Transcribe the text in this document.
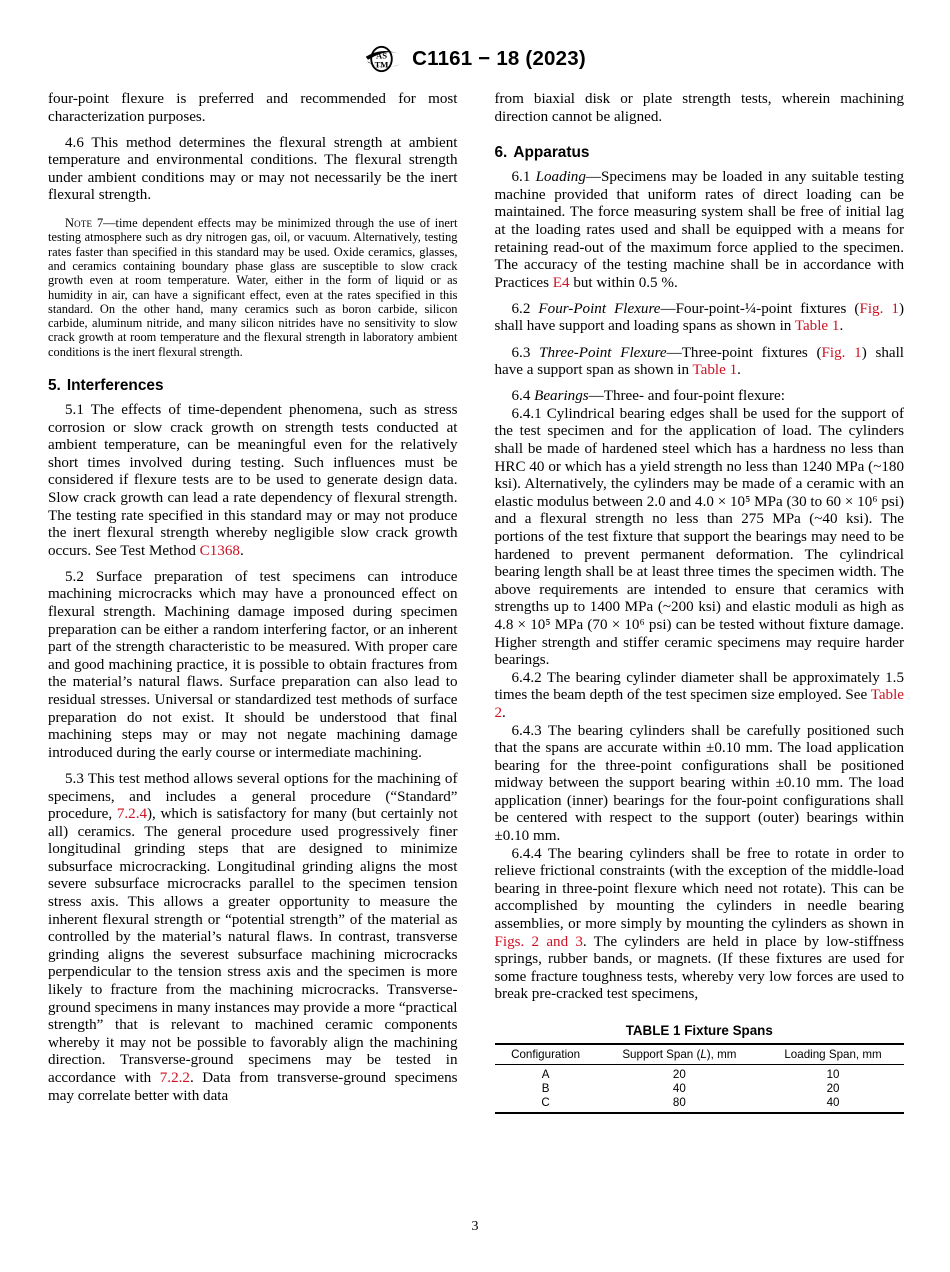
AS
TM C1161 − 18 (2023)

four-point flexure is preferred and recommended for most characterization purposes.

4.6 This method determines the flexural strength at ambient temperature and environmental conditions. The flexural strength under ambient conditions may or may not necessarily be the inert flexural strength.

Note 7—time dependent effects may be minimized through the use of inert testing atmosphere such as dry nitrogen gas, oil, or vacuum. Alternatively, testing rates faster than specified in this standard may be used. Oxide ceramics, glasses, and ceramics containing boundary phase glass are susceptible to slow crack growth even at room temperature. Water, either in the form of liquid or as humidity in air, can have a significant effect, even at the rates specified in this standard. On the other hand, many ceramics such as boron carbide, silicon carbide, aluminum nitride, and many silicon nitrides have no sensitivity to slow crack growth at room temperature and the flexural strength in laboratory ambient conditions is the inert flexural strength.
5. Interferences

5.1 The effects of time-dependent phenomena, such as stress corrosion or slow crack growth on strength tests conducted at ambient temperature, can be meaningful even for the relatively short times involved during testing. Such influences must be considered if flexure tests are to be used to generate design data. Slow crack growth can lead a rate dependency of flexural strength. The testing rate specified in this standard may or may not produce the inert flexural strength whereby negligible slow crack growth occurs. See Test Method C1368.

5.2 Surface preparation of test specimens can introduce machining microcracks which may have a pronounced effect on flexural strength. Machining damage imposed during specimen preparation can be either a random interfering factor, or an inherent part of the strength characteristic to be measured. With proper care and good machining practice, it is possible to obtain fractures from the material’s natural flaws. Surface preparation can also lead to residual stresses. Universal or standardized test methods of surface preparation do not exist. It should be understood that final machining steps may or may not negate machining damage introduced during the early course or intermediate machining.

5.3 This test method allows several options for the machining of specimens, and includes a general procedure (“Standard” procedure, 7.2.4), which is satisfactory for many (but certainly not all) ceramics. The general procedure used progressively finer longitudinal grinding steps that are designed to minimize subsurface microcracking. Longitudinal grinding aligns the most severe subsurface microcracks parallel to the specimen tension stress axis. This allows a greater opportunity to measure the inherent flexural strength or “potential strength” of the material as controlled by the material’s natural flaws. In contrast, transverse grinding aligns the severest subsurface machining microcracks perpendicular to the tension stress axis and the specimen is more likely to fracture from the machining microcracks. Transverse-ground specimens in many instances may provide a more “practical strength” that is relevant to machined ceramic components whereby it may not be possible to favorably align the machining direction. Transverse-ground specimens may be tested in accordance with 7.2.2. Data from transverse-ground specimens may correlate better with data

from biaxial disk or plate strength tests, wherein machining direction cannot be aligned.

6. Apparatus

6.1 Loading—Specimens may be loaded in any suitable testing machine provided that uniform rates of direct loading can be maintained. The force measuring system shall be free of initial lag at the loading rates used and shall be equipped with a means for retaining read-out of the maximum force applied to the specimen. The accuracy of the testing machine shall be in accordance with Practices E4 but within 0.5 %.

6.2 Four-Point Flexure—Four-point-¼-point fixtures (Fig. 1) shall have support and loading spans as shown in Table 1.

6.3 Three-Point Flexure—Three-point fixtures (Fig. 1) shall have a support span as shown in Table 1.

6.4 Bearings—Three- and four-point flexure:

6.4.1 Cylindrical bearing edges shall be used for the support of the test specimen and for the application of load. The cylinders shall be made of hardened steel which has a hardness no less than HRC 40 or which has a yield strength no less than 1240 MPa (~180 ksi). Alternatively, the cylinders may be made of a ceramic with an elastic modulus between 2.0 and 4.0 × 10⁵ MPa (30 to 60 × 10⁶ psi) and a flexural strength no less than 275 MPa (~40 ksi). The portions of the test fixture that support the bearings may need to be hardened to prevent permanent deformation. The cylindrical bearing length shall be at least three times the specimen width. The above requirements are intended to ensure that ceramics with strengths up to 1400 MPa (~200 ksi) and elastic moduli as high as 4.8 × 10⁵ MPa (70 × 10⁶ psi) can be tested without fixture damage. Higher strength and stiffer ceramic specimens may require harder bearings.

6.4.2 The bearing cylinder diameter shall be approximately 1.5 times the beam depth of the test specimen size employed. See Table 2.

6.4.3 The bearing cylinders shall be carefully positioned such that the spans are accurate within ±0.10 mm. The load application bearing for the three-point configurations shall be positioned midway between the support bearing within ±0.10 mm. The load application (inner) bearings for the four-point configurations shall be centered with respect to the support (outer) bearings within ±0.10 mm.

6.4.4 The bearing cylinders shall be free to rotate in order to relieve frictional constraints (with the exception of the middle-load bearing in three-point flexure which need not rotate). This can be accomplished by mounting the cylinders in needle bearing assemblies, or more simply by mounting the cylinders as shown in Figs. 2 and 3. The cylinders are held in place by low-stiffness springs, rubber bands, or magnets. (If these fixtures are used for some fracture toughness tests, whereby very low forces are used to break pre-cracked test specimens,

TABLE 1 Fixture Spans
Configuration	Support Span (L), mm	Loading Span, mm
A	20	10
B	40	20
C	80	40
3
